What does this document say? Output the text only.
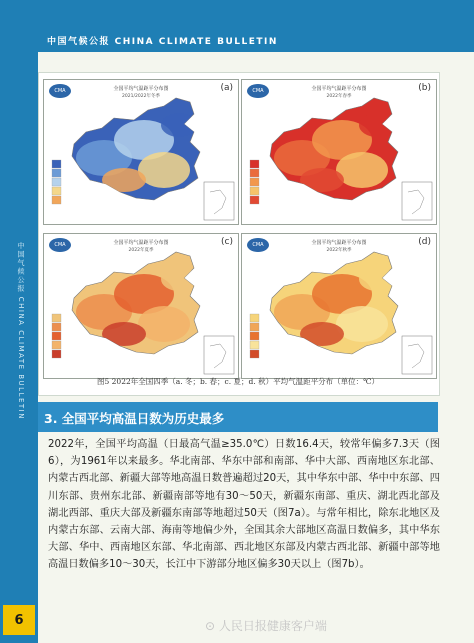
中国气候公报 CHINA CLIMATE BULLETIN
中国气候公报 CHINA CLIMATE BULLETIN
6
CMA	全国平均气温距平分布图
2021/2022年冬季
(a)	CMA	全国平均气温距平分布图
2022年春季
(b)
CMA	全国平均气温距平分布图
2022年夏季
(c)	CMA	全国平均气温距平分布图
2022年秋季
(d)
图5 2022年全国四季（a. 冬；b. 春；c. 夏；d. 秋）平均气温距平分布（单位：℃）
3. 全国平均高温日数为历史最多

2022年，全国平均高温（日最高气温≥35.0℃）日数16.4天，较常年偏多7.3天（图6），为1961年以来最多。华北南部、华东中部和南部、华中大部、西南地区东北部、内蒙古西北部、新疆大部等地高温日数普遍超过20天，其中华东中部、华中中东部、四川东部、贵州东北部、新疆南部等地有30～50天，新疆东南部、重庆、湖北西北部及湖北西部、重庆大部及新疆东南部等地超过50天（图7a）。与常年相比，除东北地区及内蒙古东部、云南大部、海南等地偏少外，全国其余大部地区高温日数偏多，其中华东大部、华中、西南地区东部、华北南部、西北地区东部及内蒙古西北部、新疆中部等地高温日数偏多10～30天，长江中下游部分地区偏多30天以上（图7b）。

⊙ 人民日报健康客户端
